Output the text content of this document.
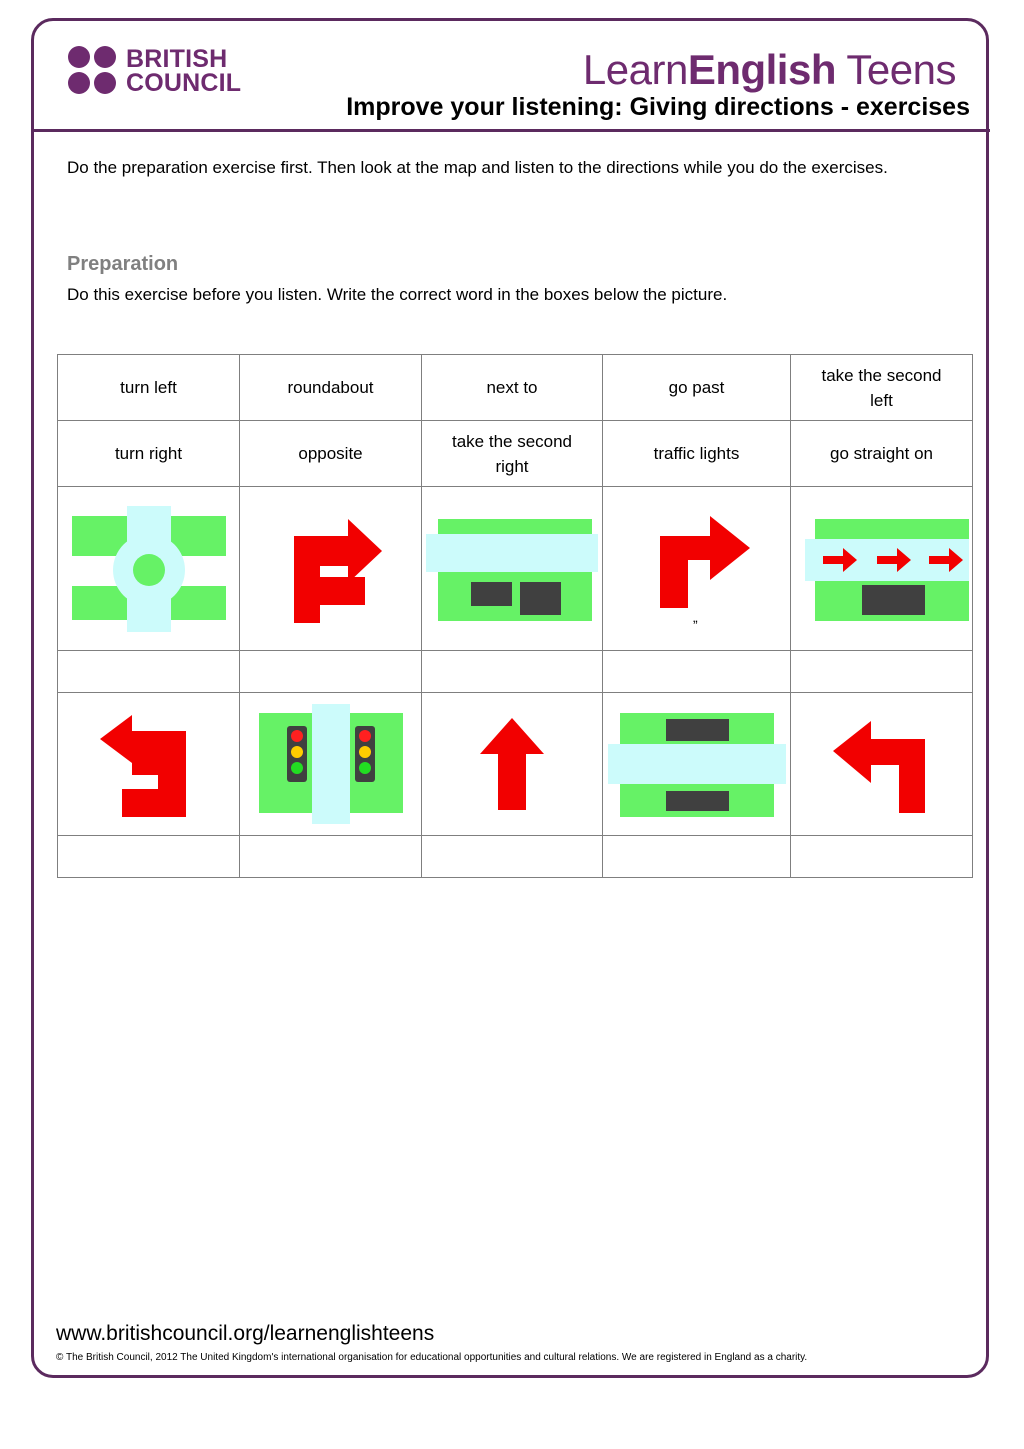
BRITISH
COUNCIL	LearnEnglish Teens
Improve your listening: Giving directions - exercises
Do the preparation exercise first. Then look at the map and listen to the directions while you do the exercises.
Preparation
Do this exercise before you listen. Write the correct word in the boxes below the picture.
turn left	roundabout	next to	go past	take the second left

turn right	opposite	take the second right	traffic lights	go straight on

„

www.britishcouncil.org/learnenglishteens
© The British Council, 2012 The United Kingdom's international organisation for educational opportunities and cultural relations. We are registered in England as a charity.
